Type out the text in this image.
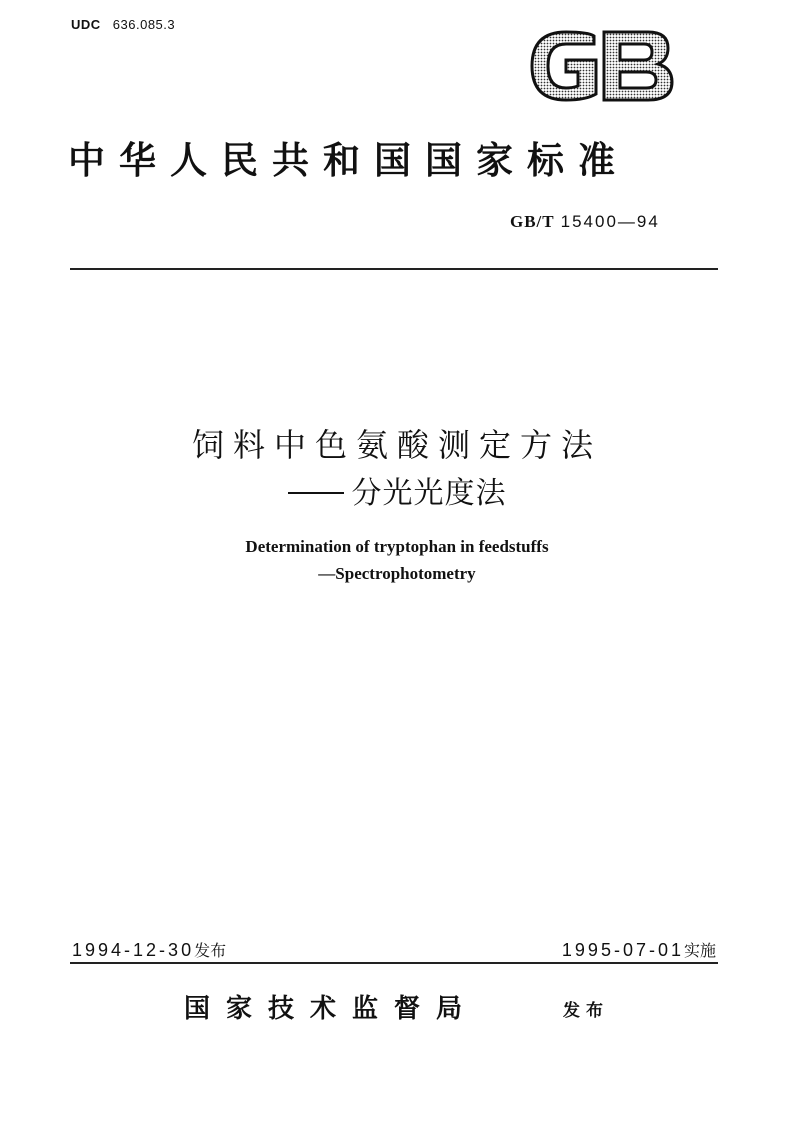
UDC 636.085.3
中华人民共和国国家标准
GB/T 15400—94
饲料中色氨酸测定方法
分光光度法
Determination of tryptophan in feedstuffs
—Spectrophotometry
1994-12-30发布	1995-07-01实施
国家技术监督局	发布
